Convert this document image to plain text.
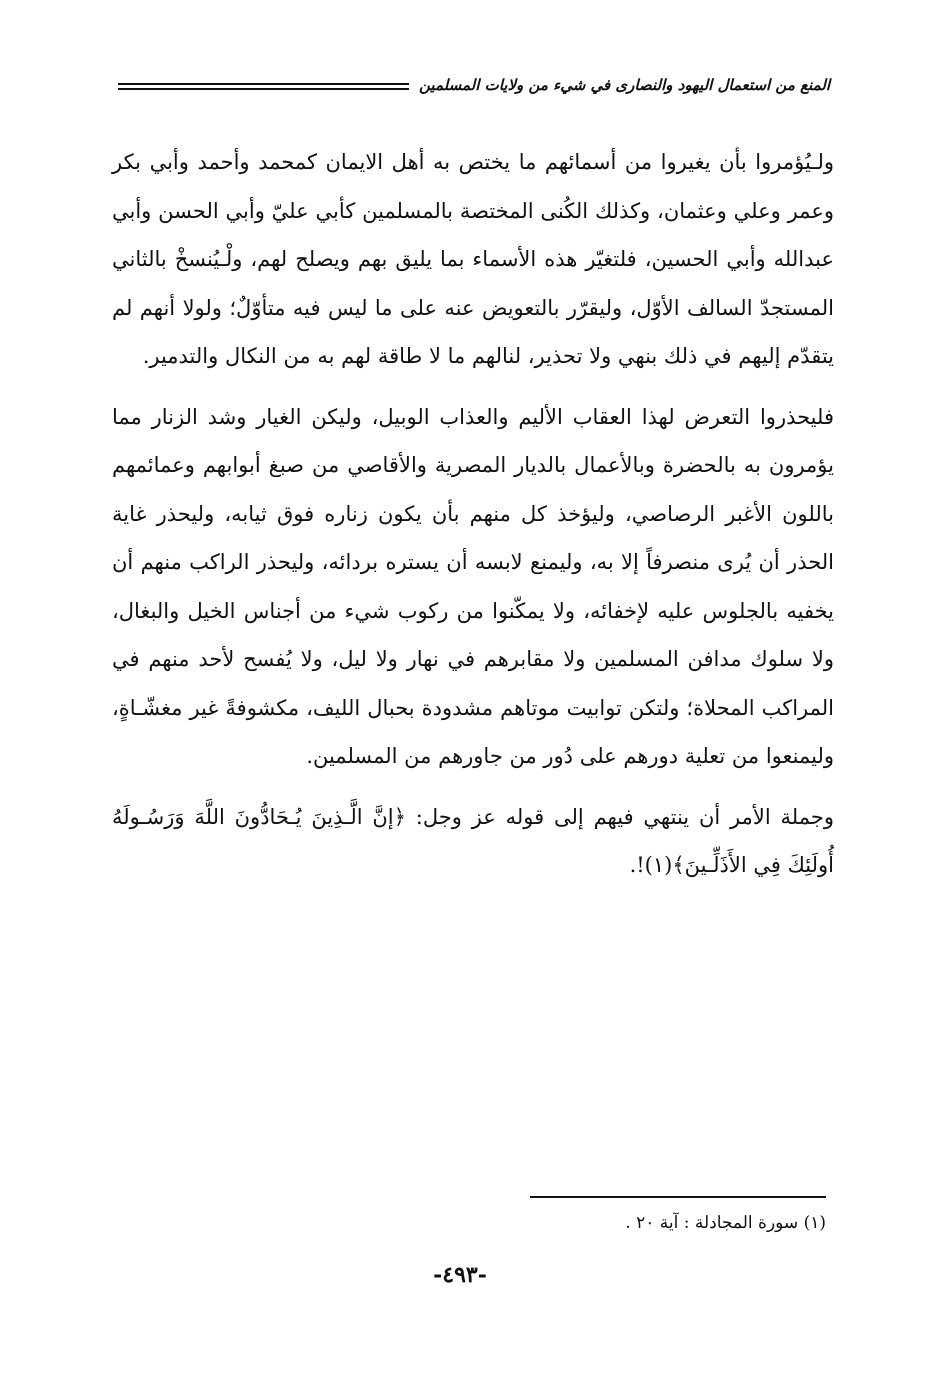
المنع من استعمال اليهود والنصارى في شيء من ولايات المسلمين

ولـيُؤمروا بأن يغيروا من أسمائهم ما يختص به أهل الايمان كمحمد وأحمد وأبي بكر وعمر وعلي وعثمان، وكذلك الكُنى المختصة بالمسلمين كأبي عليّ وأبي الحسن وأبي عبدالله وأبي الحسين، فلتغيّر هذه الأسماء بما يليق بهم ويصلح لهم، ولْـيُنسخْ بالثاني المستجدّ السالف الأوّل، وليقرّر بالتعويض عنه على ما ليس فيه متأوّلٌ؛ ولولا أنهم لم يتقدّم إليهم في ذلك بنهي ولا تحذير، لنالهم ما لا طاقة لهم به من النكال والتدمير.

فليحذروا التعرض لهذا العقاب الأليم والعذاب الوبيل، وليكن الغيار وشد الزنار مما يؤمرون به بالحضرة وبالأعمال بالديار المصرية والأقاصي من صبغ أبوابهم وعمائمهم باللون الأغبر الرصاصي، وليؤخذ كل منهم بأن يكون زناره فوق ثيابه، وليحذر غاية الحذر أن يُرى منصرفاً إلا به، وليمنع لابسه أن يستره بردائه، وليحذر الراكب منهم أن يخفيه بالجلوس عليه لإخفائه، ولا يمكّنوا من ركوب شيء من أجناس الخيل والبغال، ولا سلوك مدافن المسلمين ولا مقابرهم في نهار ولا ليل، ولا يُفسح لأحد منهم في المراكب المحلاة؛ ولتكن توابيت موتاهم مشدودة بحبال الليف، مكشوفةً غير مغشّـاةٍ، وليمنعوا من تعلية دورهم على دُور من جاورهم من المسلمين.

وجملة الأمر أن ينتهي فيهم إلى قوله عز وجل: ﴿إنَّ الَّـذِينَ يُـحَادُّونَ اللَّهَ وَرَسُـولَهُ أُولَئِكَ فِي الأَذَلِّـينَ﴾(١)!.

(١) سورة المجادلة : آية ٢٠ .
-٤٩٣-
